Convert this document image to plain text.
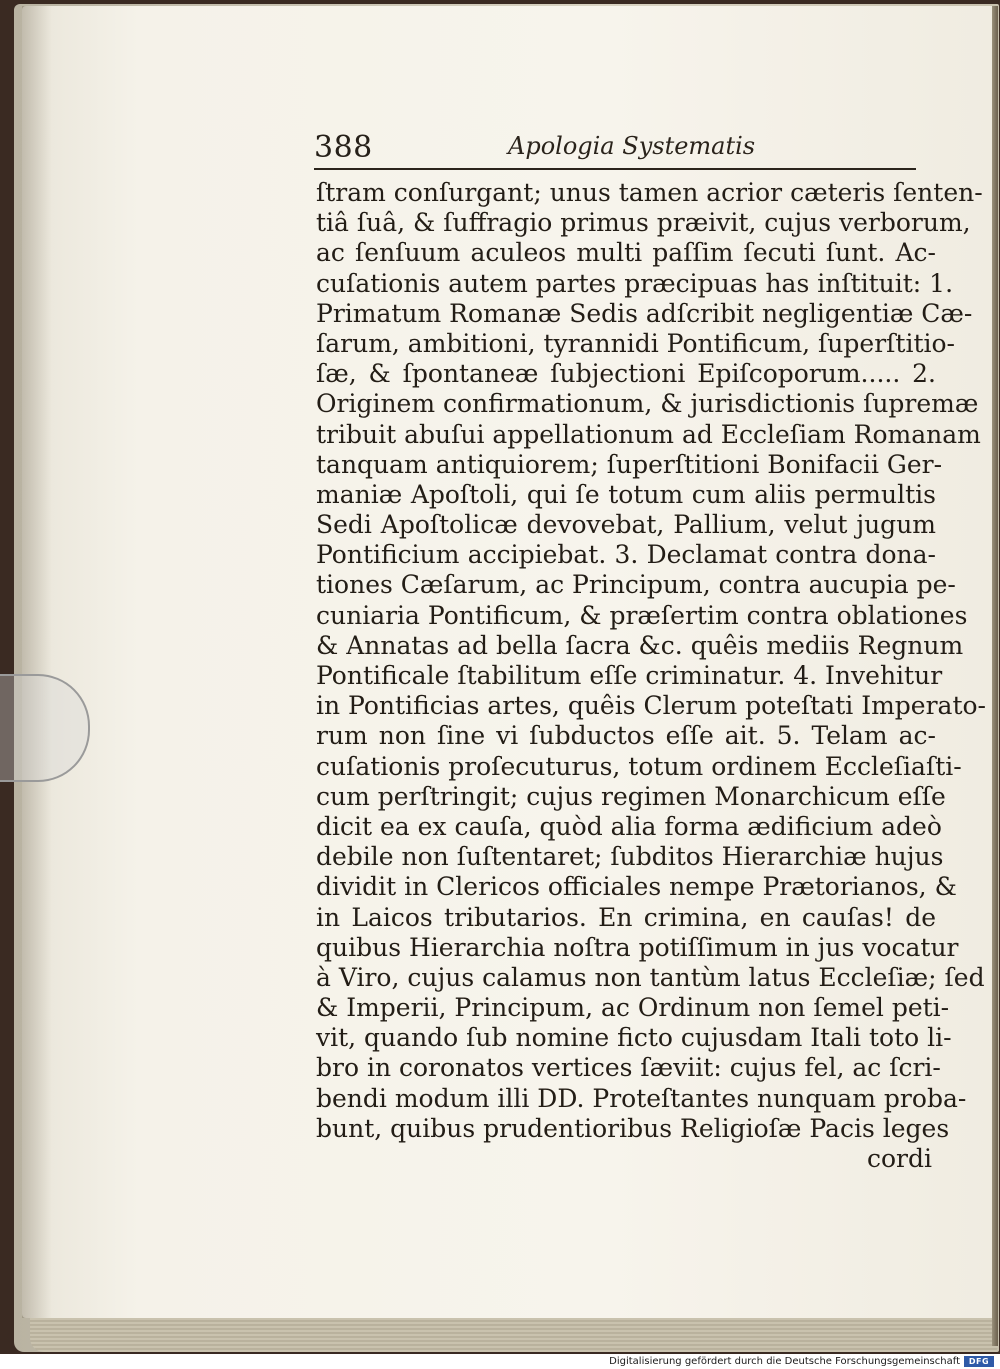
388	Apologia Systematis
ſtram conſurgant; unus tamen acrior cæteris ſenten-
tiâ ſuâ, & ſuffragio primus præivit, cujus verborum,
ac ſenſuum aculeos multi paſſim ſecuti ſunt. Ac-
cuſationis autem partes præcipuas has inſtituit: 1.
Primatum Romanæ Sedis adſcribit negligentiæ Cæ-
ſarum, ambitioni, tyrannidi Pontificum, ſuperſtitio-
ſæ, & ſpontaneæ ſubjectioni Epiſcoporum..... 2.
Originem confirmationum, & jurisdictionis ſupremæ
tribuit abuſui appellationum ad Eccleſiam Romanam
tanquam antiquiorem; ſuperſtitioni Bonifacii Ger-
maniæ Apoſtoli, qui ſe totum cum aliis permultis
Sedi Apoſtolicæ devovebat, Pallium, velut jugum
Pontificium accipiebat. 3. Declamat contra dona-
tiones Cæſarum, ac Principum, contra aucupia pe-
cuniaria Pontificum, & præſertim contra oblationes
& Annatas ad bella ſacra &c. quêis mediis Regnum
Pontificale ſtabilitum eſſe criminatur. 4. Invehitur
in Pontificias artes, quêis Clerum poteſtati Imperato-
rum non ſine vi ſubductos eſſe ait. 5. Telam ac-
cuſationis proſecuturus, totum ordinem Eccleſiaſti-
cum perſtringit; cujus regimen Monarchicum eſſe
dicit ea ex cauſa, quòd alia forma ædificium adeò
debile non ſuſtentaret; ſubditos Hierarchiæ hujus
dividit in Clericos officiales nempe Prætorianos, &
in Laicos tributarios. En crimina, en cauſas! de
quibus Hierarchia noſtra potiſſimum in jus vocatur
à Viro, cujus calamus non tantùm latus Eccleſiæ; ſed
& Imperii, Principum, ac Ordinum non ſemel peti-
vit, quando ſub nomine ficto cujusdam Itali toto li-
bro in coronatos vertices ſæviit: cujus fel, ac ſcri-
bendi modum illi DD. Proteſtantes nunquam proba-
bunt, quibus prudentioribus Religioſæ Pacis leges
cordi
Digitalisierung gefördert durch die Deutsche Forschungsgemeinschaft	DFG
